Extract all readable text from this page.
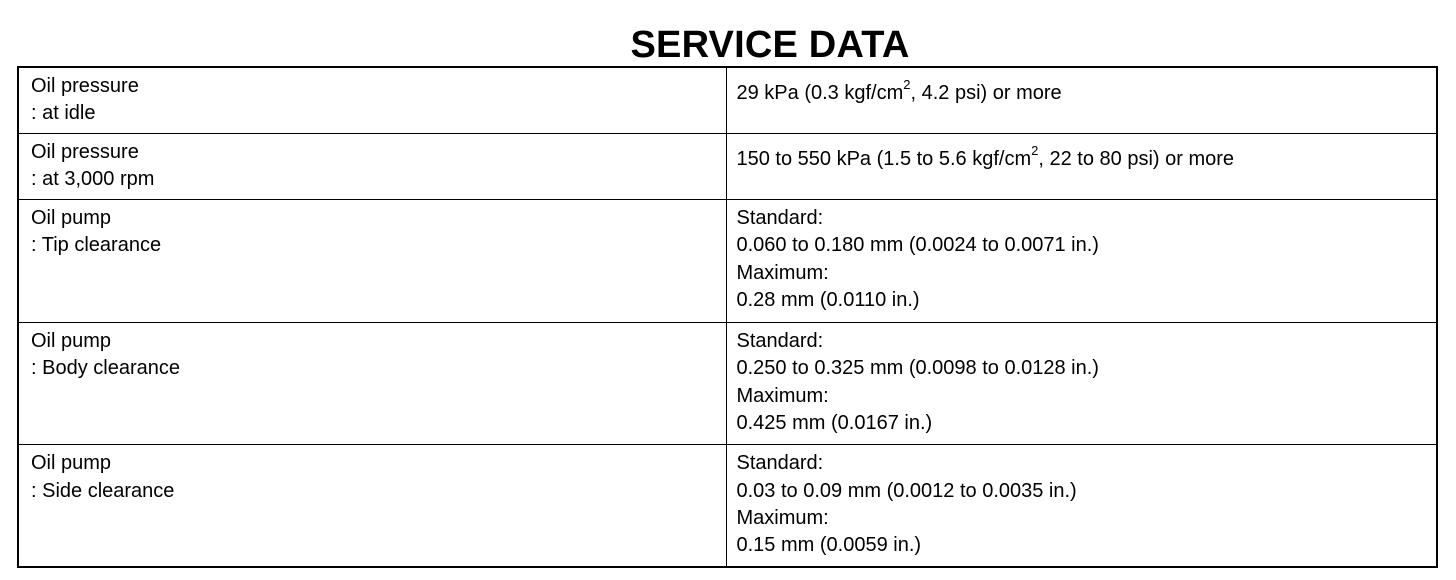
SERVICE DATA
Oil pressure
: at idle	29 kPa (0.3 kgf/$cm^2$, 4.2 psi) or more

Oil pressure
: at 3,000 rpm	150 to 550 kPa (1.5 to 5.6 kgf/$cm^2$, 22 to 80 psi) or more

Oil pump
: Tip clearance	Standard:
0.060 to 0.180 mm (0.0024 to 0.0071 in.)
Maximum:
0.28 mm (0.0110 in.)

Oil pump
: Body clearance	Standard:
0.250 to 0.325 mm (0.0098 to 0.0128 in.)
Maximum:
0.425 mm (0.0167 in.)

Oil pump
: Side clearance	Standard:
0.03 to 0.09 mm (0.0012 to 0.0035 in.)
Maximum:
0.15 mm (0.0059 in.)
